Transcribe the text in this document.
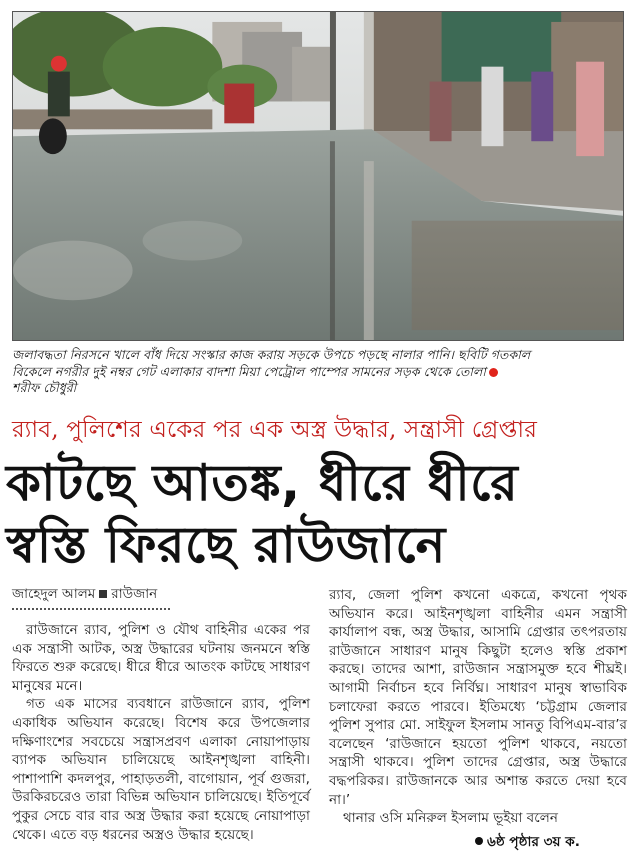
জলাবদ্ধতা নিরসনে খালে বাঁধ দিয়ে সংস্কার কাজ করায় সড়কে উপচে পড়ছে নালার পানি। ছবিটি গতকাল
বিকেলে নগরীর দুই নম্বর গেট এলাকার বাদশা মিয়া পেট্রোল পাম্পের সামনের সড়ক থেকে তোলা
শরীফ চৌধুরী
র‌্যাব, পুলিশের একের পর এক অস্ত্র উদ্ধার, সন্ত্রাসী গ্রেপ্তার
কাটছে আতঙ্ক, ধীরে ধীরে
স্বস্তি ফিরছে রাউজানে
জাহেদুল আলম রাউজান

রাউজানে র‌্যাব, পুলিশ ও যৌথ বাহিনীর একের পর এক সন্ত্রাসী আটক, অস্ত্র উদ্ধারের ঘটনায় জনমনে স্বস্তি ফিরতে শুরু করেছে। ধীরে ধীরে আতংক কাটছে সাধারণ মানুষের মনে।

গত এক মাসের ব্যবধানে রাউজানে র‌্যাব, পুলিশ একাধিক অভিযান করেছে। বিশেষ করে উপজেলার দক্ষিণাংশের সবচেয়ে সন্ত্রাসপ্রবণ এলাকা নোয়াপাড়ায় ব্যাপক অভিযান চালিয়েছে আইনশৃঙ্খলা বাহিনী। পাশাপাশি কদলপুর, পাহাড়তলী, বাগোয়ান, পূর্ব গুজরা, উরকিরচরেও তারা বিভিন্ন অভিযান চালিয়েছে। ইতিপূর্বে পুকুর সেচে বার বার অস্ত্র উদ্ধার করা হয়েছে নোয়াপাড়া থেকে। এতে বড় ধরনের অস্ত্রও উদ্ধার হয়েছে।

র‌্যাব, জেলা পুলিশ কখনো একত্রে, কখনো পৃথক অভিযান করে। আইনশৃঙ্খলা বাহিনীর এমন সন্ত্রাসী কার্যালাপ বন্ধ, অস্ত্র উদ্ধার, আসামি গ্রেপ্তার তৎপরতায় রাউজানে সাধারণ মানুষ কিছুটা হলেও স্বস্তি প্রকাশ করছে। তাদের আশা, রাউজান সন্ত্রাসমুক্ত হবে শীঘ্রই। আগামী নির্বাচন হবে নির্বিঘ্ন। সাধারণ মানুষ স্বাভাবিক চলাফেরা করতে পারবে। ইতিমধ্যে ‘চট্টগ্রাম জেলার পুলিশ সুপার মো. সাইফুল ইসলাম সানতু বিপিএম-বার’র বলেছেন ‘রাউজানে হয়তো পুলিশ থাকবে, নয়তো সন্ত্রাসী থাকবে। পুলিশ তাদের গ্রেপ্তার, অস্ত্র উদ্ধারে বদ্ধপরিকর। রাউজানকে আর অশান্ত করতে দেয়া হবে না।’

থানার ওসি মনিরুল ইসলাম ভূইয়া বলেন

৬ষ্ঠ পৃষ্ঠার ৩য় ক.
